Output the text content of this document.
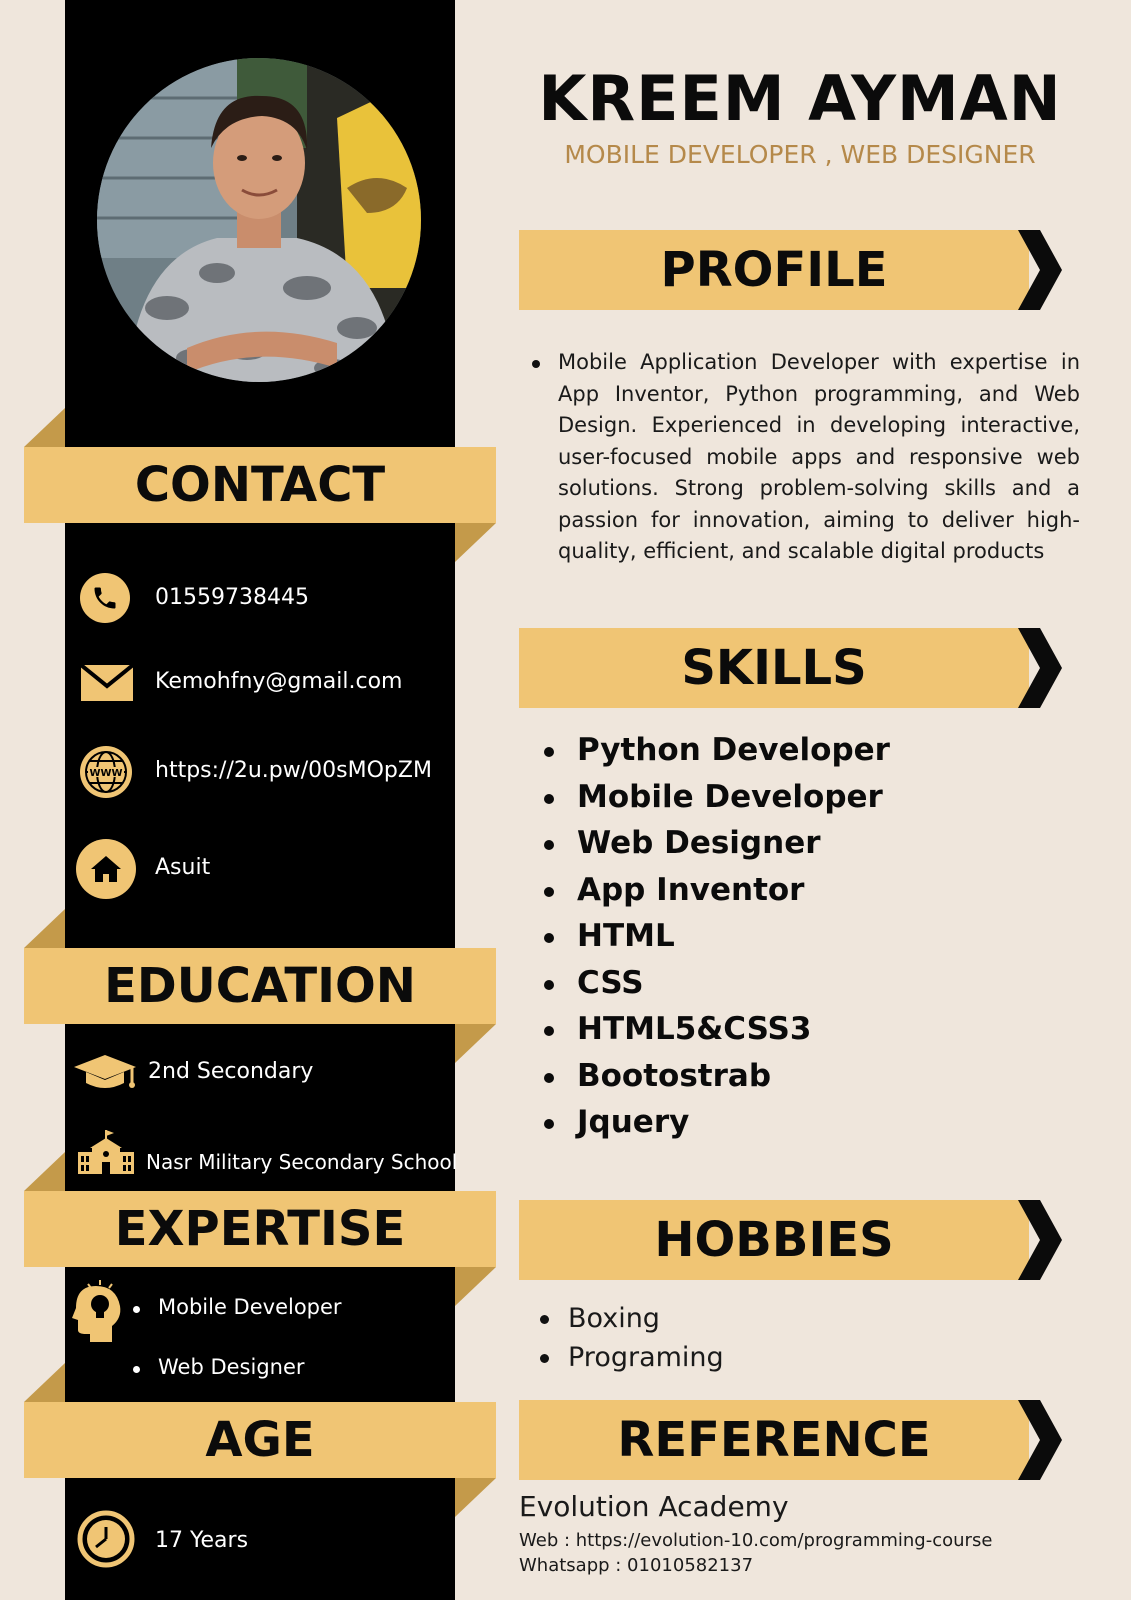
CONTACT
01559738445
Kemohfny@gmail.com
WWW https://2u.pw/00sMOpZM
Asuit
EDUCATION
2nd Secondary
Nasr Military Secondary School
EXPERTISE
Mobile Developer
Web Designer
AGE
17 Years
KREEM AYMAN
MOBILE DEVELOPER , WEB DESIGNER
PROFILE
Mobile Application Developer with expertise in App Inventor, Python programming, and Web Design. Experienced in developing interactive, user-focused mobile apps and responsive web solutions. Strong problem-solving skills and a passion for innovation, aiming to deliver high-quality, efficient, and scalable digital products
SKILLS
Python Developer
Mobile Developer
Web Designer
App Inventor
HTML
CSS
HTML5&CSS3
Bootostrab
Jquery
HOBBIES
Boxing
Programing
REFERENCE
Evolution Academy
Web : https://evolution-10.com/programming-course
Whatsapp : 01010582137
